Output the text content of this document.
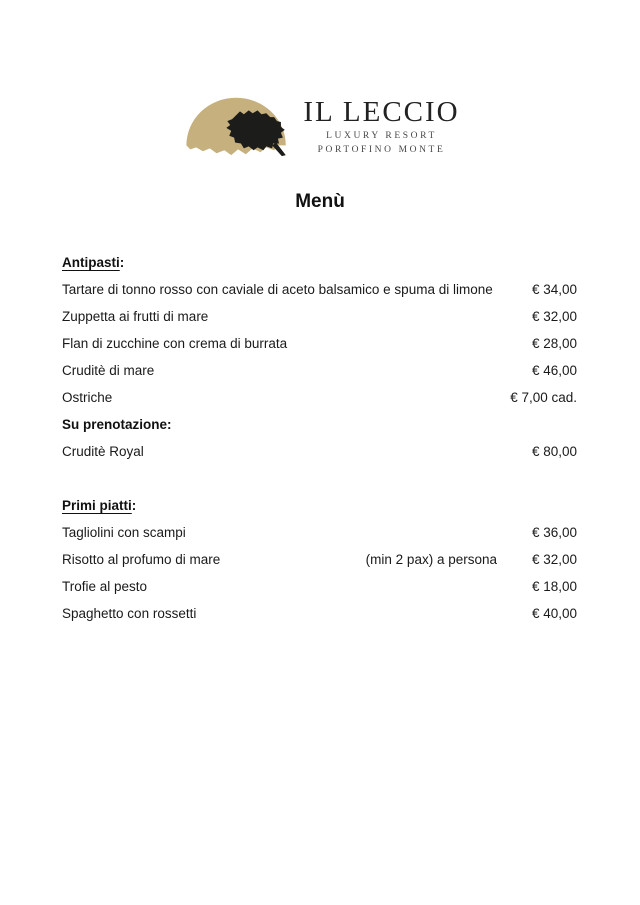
IL LECCIO
LUXURY RESORT
PORTOFINO MONTE
Menù
Antipasti:
Tartare di tonno rosso con caviale di aceto balsamico e spuma di limone	€ 34,00
Zuppetta ai frutti di mare	€ 32,00
Flan di zucchine con crema di burrata	€ 28,00
Cruditè di mare	€ 46,00
Ostriche	€ 7,00 cad.
Su prenotazione:
Cruditè Royal	€ 80,00
Primi piatti:
Tagliolini con scampi	€ 36,00
Risotto al profumo di mare	(min 2 pax) a persona	€ 32,00
Trofie al pesto	€ 18,00
Spaghetto con rossetti	€ 40,00
